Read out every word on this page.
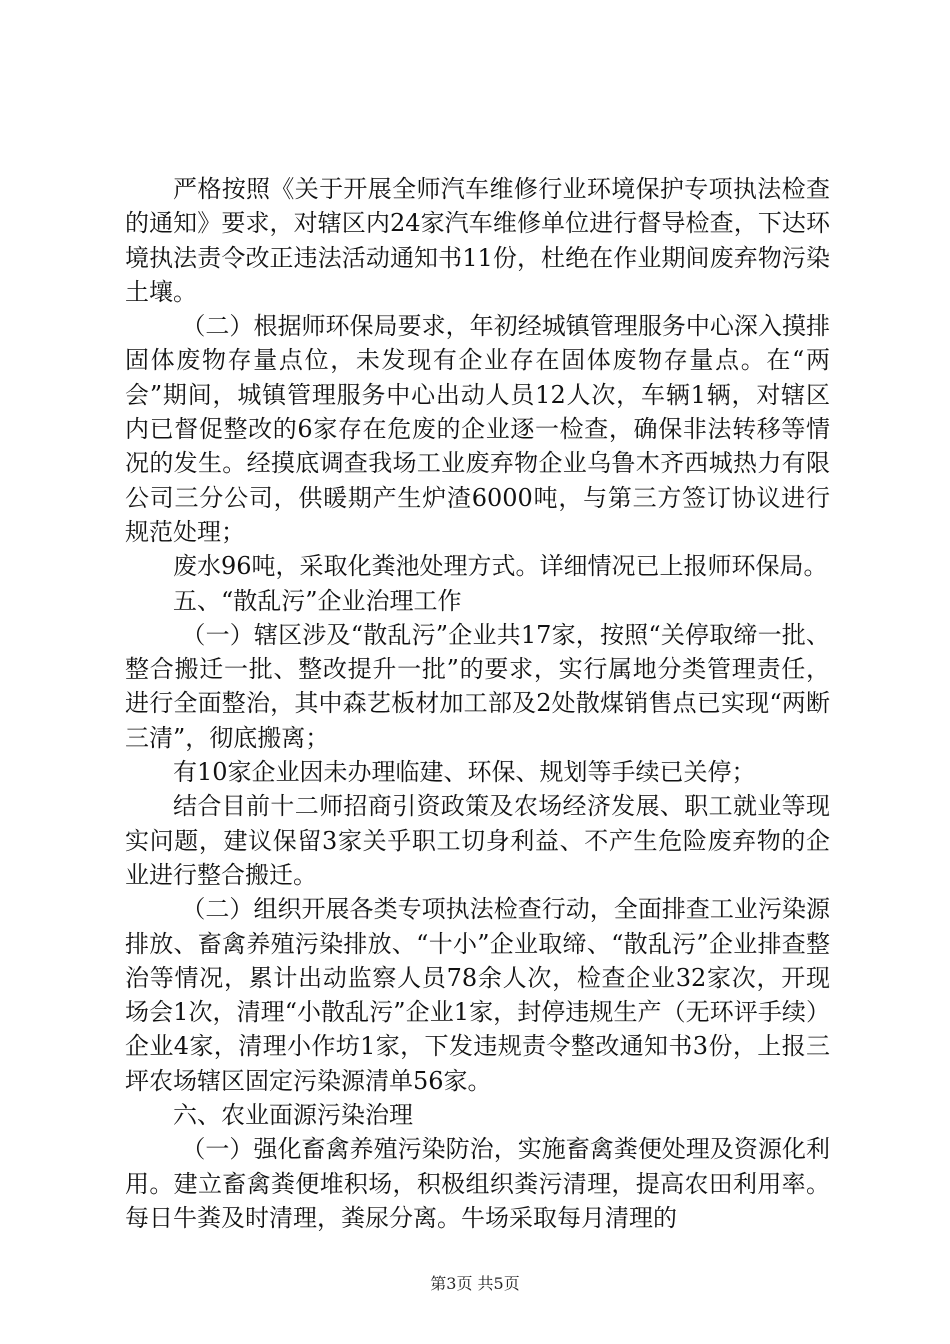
严格按照《关于开展全师汽车维修行业环境保护专项执法检查的通知》要求，对辖区内24家汽车维修单位进行督导检查，下达环境执法责令改正违法活动通知书11份，杜绝在作业期间废弃物污染土壤。

（二）根据师环保局要求，年初经城镇管理服务中心深入摸排固体废物存量点位，未发现有企业存在固体废物存量点。在“两会”期间，城镇管理服务中心出动人员12人次，车辆1辆，对辖区内已督促整改的6家存在危废的企业逐一检查，确保非法转移等情况的发生。经摸底调查我场工业废弃物企业乌鲁木齐西城热力有限公司三分公司，供暖期产生炉渣6000吨，与第三方签订协议进行规范处理；

废水96吨，采取化粪池处理方式。详细情况已上报师环保局。

五、“散乱污”企业治理工作

（一）辖区涉及“散乱污”企业共17家，按照“关停取缔一批、整合搬迁一批、整改提升一批”的要求，实行属地分类管理责任，进行全面整治，其中森艺板材加工部及2处散煤销售点已实现“两断三清”，彻底搬离；

有10家企业因未办理临建、环保、规划等手续已关停；

结合目前十二师招商引资政策及农场经济发展、职工就业等现实问题，建议保留3家关乎职工切身利益、不产生危险废弃物的企业进行整合搬迁。

（二）组织开展各类专项执法检查行动，全面排查工业污染源排放、畜禽养殖污染排放、“十小”企业取缔、“散乱污”企业排查整治等情况，累计出动监察人员78余人次，检查企业32家次，开现场会1次，清理“小散乱污”企业1家，封停违规生产（无环评手续）企业4家，清理小作坊1家，下发违规责令整改通知书3份，上报三坪农场辖区固定污染源清单56家。

六、农业面源污染治理

（一）强化畜禽养殖污染防治，实施畜禽粪便处理及资源化利用。建立畜禽粪便堆积场，积极组织粪污清理，提高农田利用率。每日牛粪及时清理，粪尿分离。牛场采取每月清理的

第3页 共5页
